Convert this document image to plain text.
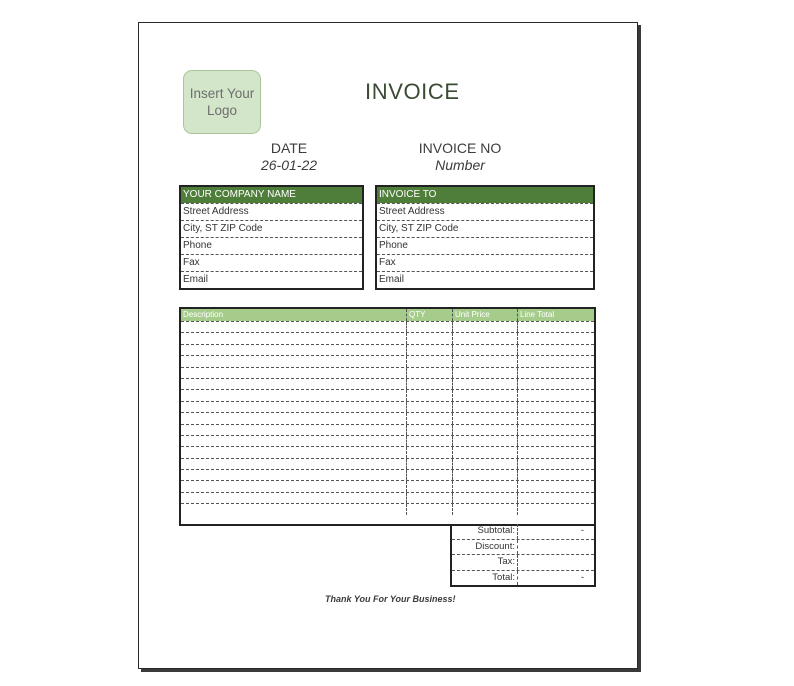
Insert Your
Logo
INVOICE
DATE
26-01-22
INVOICE NO
Number
YOUR COMPANY NAME
Street Address
City, ST ZIP Code
Phone
Fax
Email
INVOICE TO
Street Address
City, ST ZIP Code
Phone
Fax
Email
Description	QTY	Unit Price	Line Total
Subtotal:	-
Discount:
Tax:
Total:	-
Thank You For Your Business!
